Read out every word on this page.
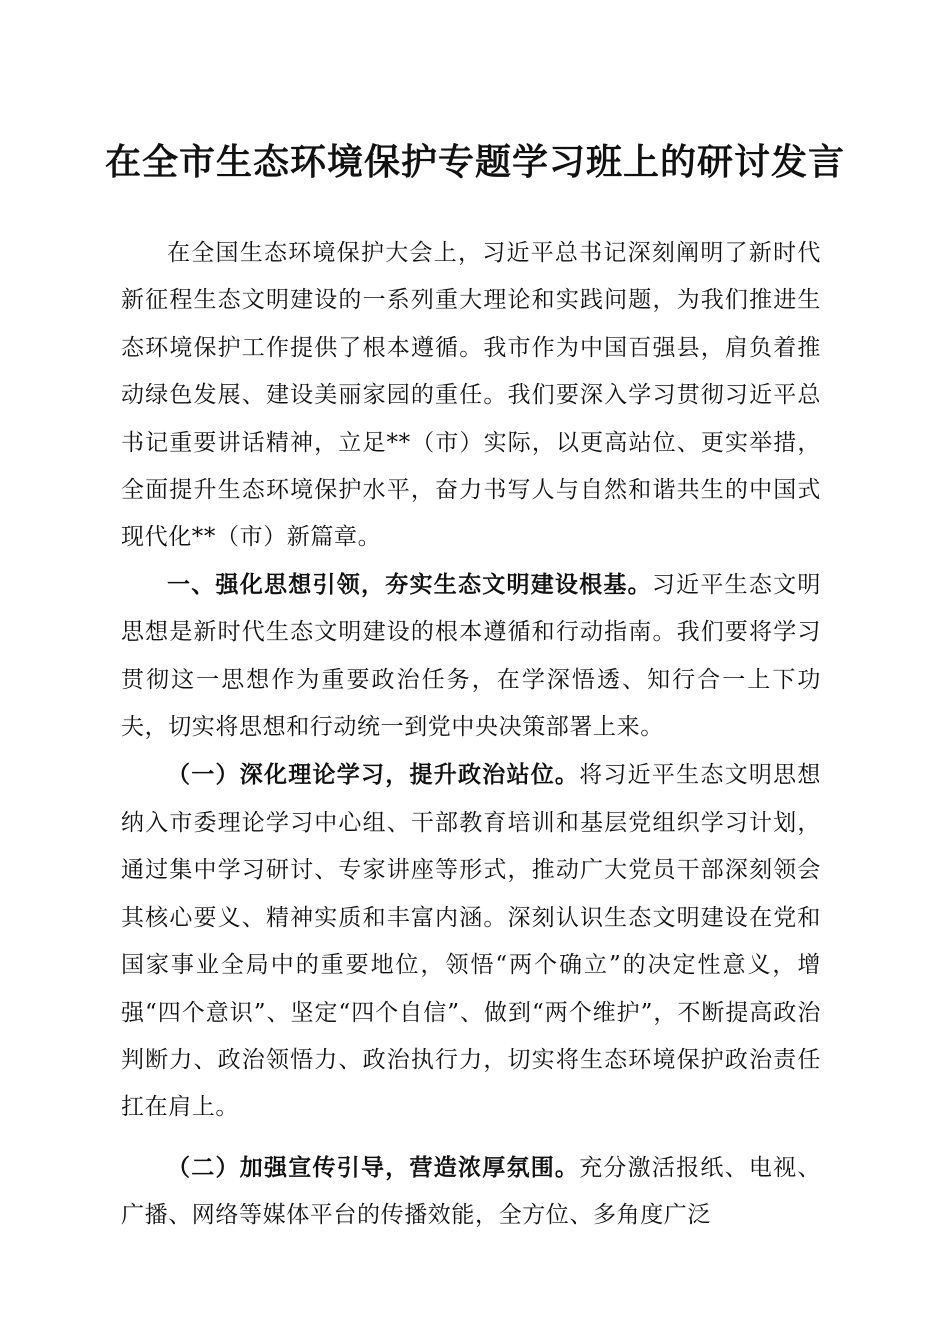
在全市生态环境保护专题学习班上的研讨发言

在全国生态环境保护大会上，习近平总书记深刻阐明了新时代新征程生态文明建设的一系列重大理论和实践问题，为我们推进生态环境保护工作提供了根本遵循。我市作为中国百强县，肩负着推动绿色发展、建设美丽家园的重任。我们要深入学习贯彻习近平总书记重要讲话精神，立足**（市）实际，以更高站位、更实举措，全面提升生态环境保护水平，奋力书写人与自然和谐共生的中国式现代化**（市）新篇章。

一、强化思想引领，夯实生态文明建设根基。习近平生态文明思想是新时代生态文明建设的根本遵循和行动指南。我们要将学习贯彻这一思想作为重要政治任务，在学深悟透、知行合一上下功夫，切实将思想和行动统一到党中央决策部署上来。

（一）深化理论学习，提升政治站位。将习近平生态文明思想纳入市委理论学习中心组、干部教育培训和基层党组织学习计划，通过集中学习研讨、专家讲座等形式，推动广大党员干部深刻领会其核心要义、精神实质和丰富内涵。深刻认识生态文明建设在党和国家事业全局中的重要地位，领悟“两个确立”的决定性意义，增强“四个意识”、坚定“四个自信”、做到“两个维护”，不断提高政治判断力、政治领悟力、政治执行力，切实将生态环境保护政治责任扛在肩上。

（二）加强宣传引导，营造浓厚氛围。充分激活报纸、电视、广播、网络等媒体平台的传播效能，全方位、多角度广泛
